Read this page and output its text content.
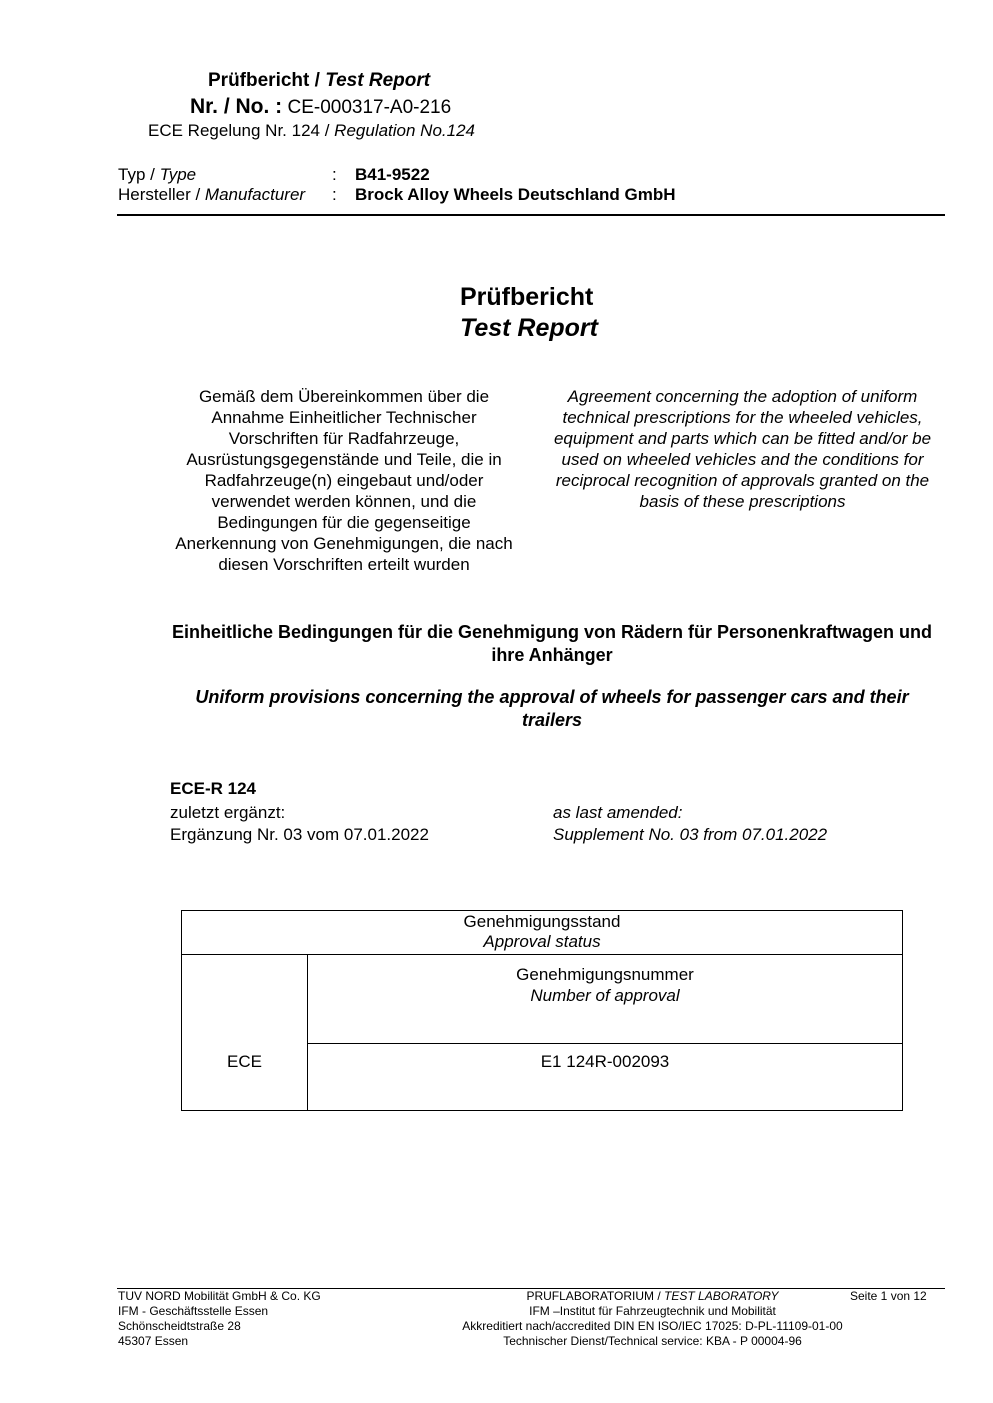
Prüfbericht / Test Report
Nr. / No. : CE-000317-A0-216
ECE Regelung Nr. 124 / Regulation No.124
Typ / Type	: B41-9522
Hersteller / Manufacturer : Brock Alloy Wheels Deutschland GmbH
Prüfbericht
Test Report
Gemäß dem Übereinkommen über die Annahme Einheitlicher Technischer Vorschriften für Radfahrzeuge, Ausrüstungsgegenstände und Teile, die in Radfahrzeuge(n) eingebaut und/oder verwendet werden können, und die Bedingungen für die gegenseitige Anerkennung von Genehmigungen, die nach diesen Vorschriften erteilt wurden
Agreement concerning the adoption of uniform technical prescriptions for the wheeled vehicles, equipment and parts which can be fitted and/or be used on wheeled vehicles and the conditions for reciprocal recognition of approvals granted on the basis of these prescriptions
Einheitliche Bedingungen für die Genehmigung von Rädern für Personenkraftwagen und ihre Anhänger
Uniform provisions concerning the approval of wheels for passenger cars and their trailers
ECE-R 124
zuletzt ergänzt:
Ergänzung Nr. 03 vom 07.01.2022
as last amended:
Supplement No. 03 from 07.01.2022
Genehmigungsstand
Approval status
Genehmigungsnummer
Number of approval
ECE	E1 124R-002093
TUV NORD Mobilität GmbH & Co. KG
IFM - Geschäftsstelle Essen
Schönscheidtstraße 28
45307 Essen
PRUFLABORATORIUM / TEST LABORATORY
IFM –Institut für Fahrzeugtechnik und Mobilität
Akkreditiert nach/accredited DIN EN ISO/IEC 17025: D-PL-11109-01-00
Technischer Dienst/Technical service: KBA - P 00004-96
Seite 1 von 12
